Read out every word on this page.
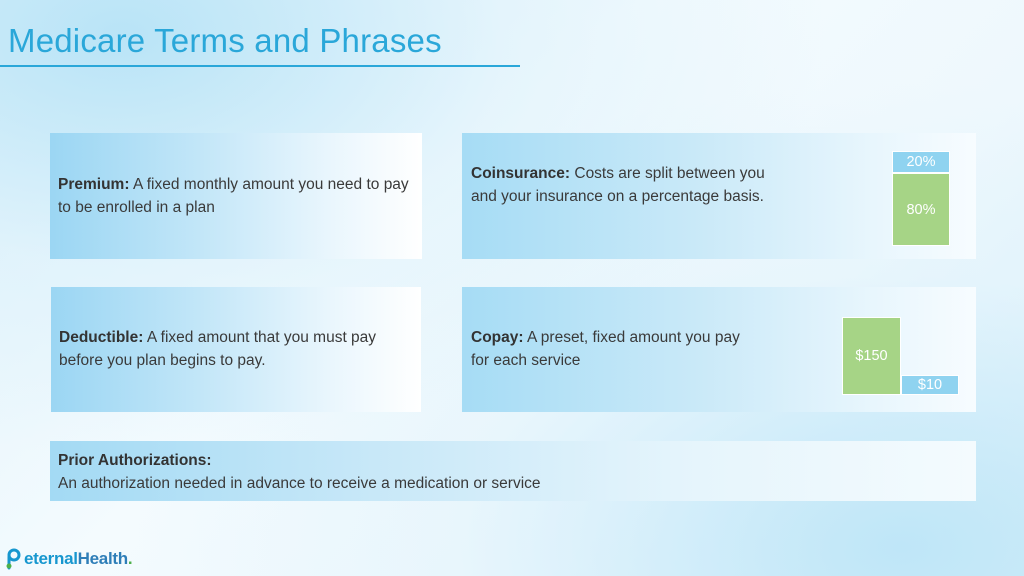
Medicare Terms and Phrases
Premium: A fixed monthly amount you need to pay to be enrolled in a plan
Coinsurance: Costs are split between you and your insurance on a percentage basis.
20%
80%
Deductible: A fixed amount that you must pay before you plan begins to pay.
Copay: A preset, fixed amount you pay for each service	$150
$10
Prior Authorizations:
An authorization needed in advance to receive a medication or service
eternalHealth.
